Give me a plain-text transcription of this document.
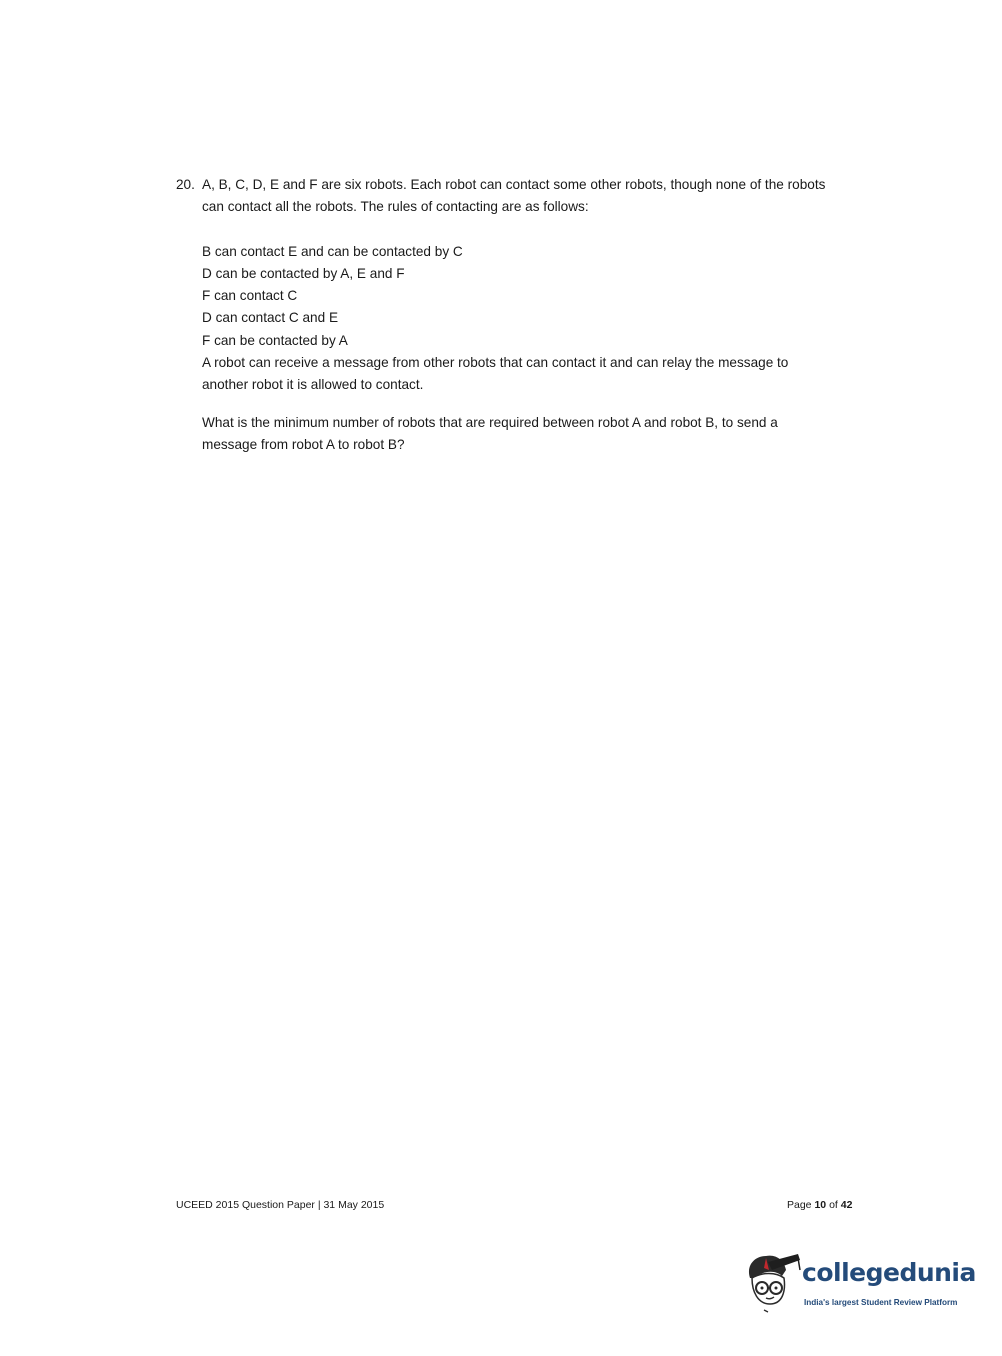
20. A, B, C, D, E and F are six robots. Each robot can contact some other robots, though none of the robots can contact all the robots. The rules of contacting are as follows:
B can contact E and can be contacted by C
D can be contacted by A, E and F
F can contact C
D can contact C and E
F can be contacted by A
A robot can receive a message from other robots that can contact it and can relay the message to another robot it is allowed to contact.
What is the minimum number of robots that are required between robot A and robot B, to send a message from robot A to robot B?
UCEED 2015 Question Paper | 31 May 2015	Page 10 of 42
collegedunia
India's largest Student Review Platform
